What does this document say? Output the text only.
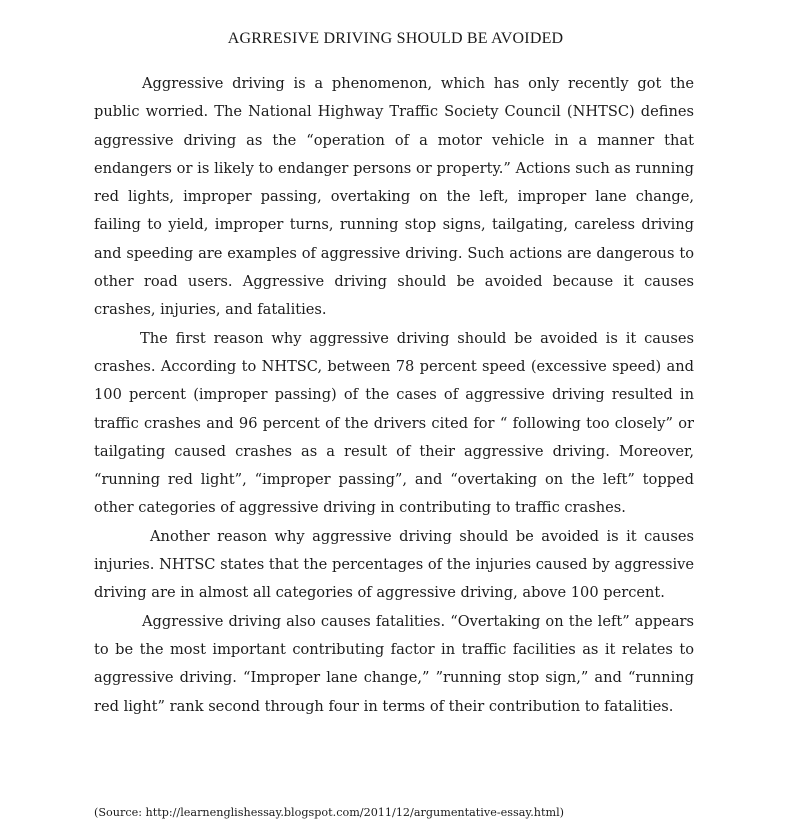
AGRRESIVE DRIVING SHOULD BE AVOIDED

Aggressive driving is a phenomenon, which has only recently got the public worried. The National Highway Traffic Society Council (NHTSC) defines aggressive driving as the “operation of a motor vehicle in a manner that endangers or is likely to endanger persons or property.” Actions such as running red lights, improper passing, overtaking on the left, improper lane change, failing to yield, improper turns, running stop signs, tailgating, careless driving and speeding are examples of aggressive driving. Such actions are dangerous to other road users. Aggressive driving should be avoided because it causes crashes, injuries, and fatalities.

The first reason why aggressive driving should be avoided is it causes crashes. According to NHTSC, between 78 percent speed (excessive speed) and 100 percent (improper passing) of the cases of aggressive driving resulted in traffic crashes and 96 percent of the drivers cited for “ following too closely” or tailgating caused crashes as a result of their aggressive driving. Moreover, “running red light”, “improper passing”, and “overtaking on the left” topped other categories of aggressive driving in contributing to traffic crashes.

Another reason why aggressive driving should be avoided is it causes injuries. NHTSC states that the percentages of the injuries caused by aggressive driving are in almost all categories of aggressive driving, above 100 percent.

Aggressive driving also causes fatalities. “Overtaking on the left” appears to be the most important contributing factor in traffic facilities as it relates to aggressive driving. “Improper lane change,” ”running stop sign,” and “running red light” rank second through four in terms of their contribution to fatalities.

(Source: http://learnenglishessay.blogspot.com/2011/12/argumentative-essay.html)
